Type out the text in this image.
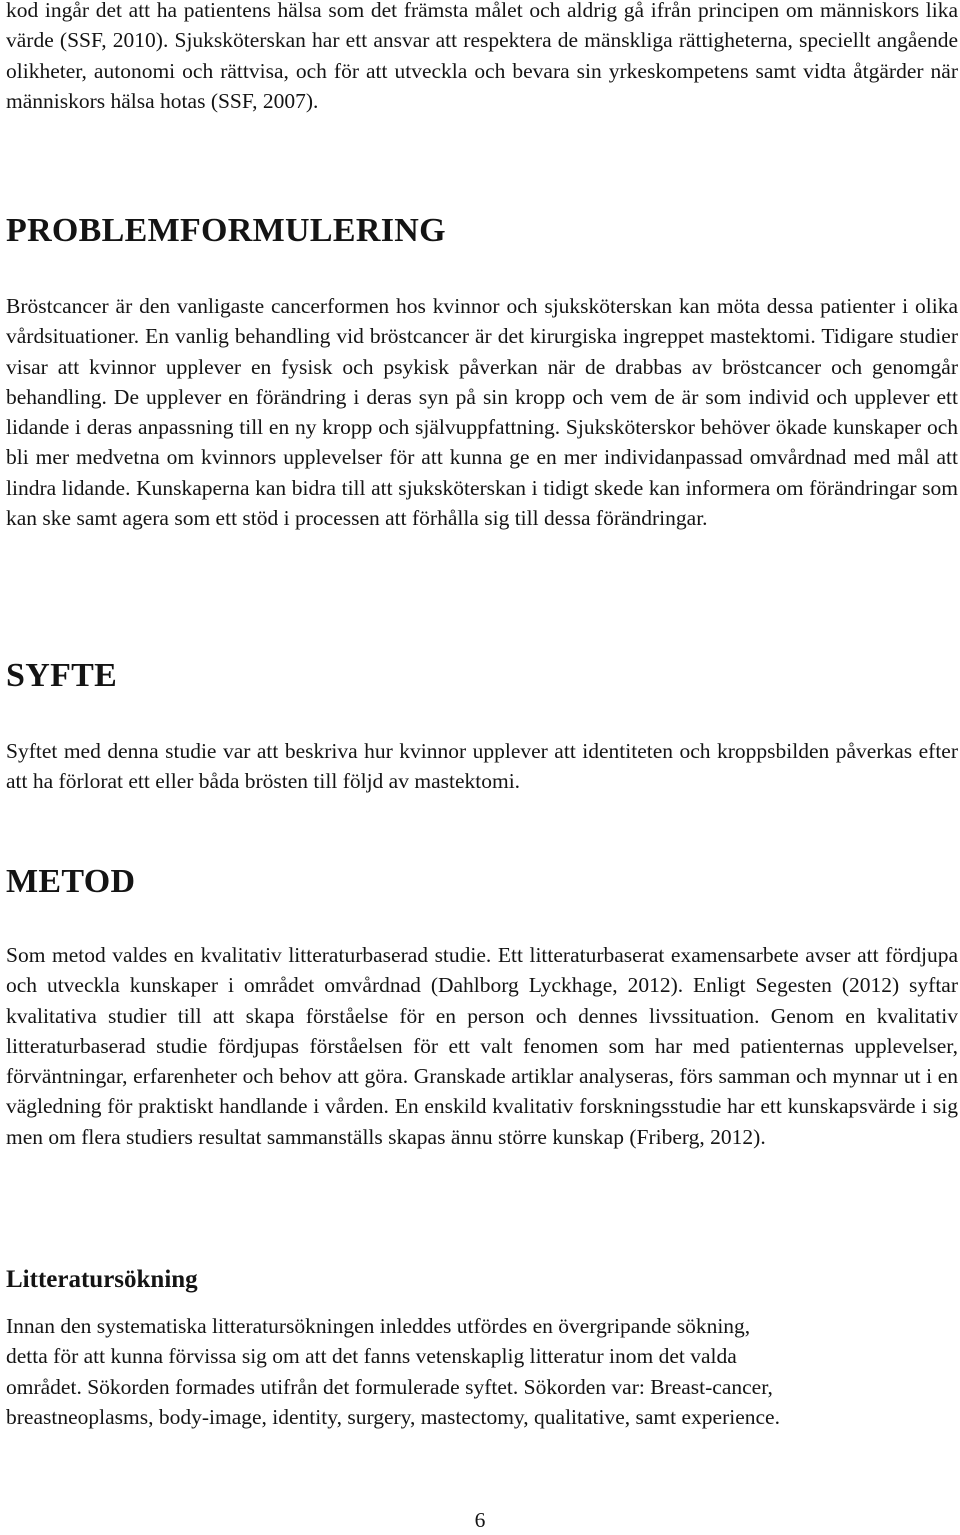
kod ingår det att ha patientens hälsa som det främsta målet och aldrig gå ifrån principen om människors lika värde (SSF, 2010). Sjuksköterskan har ett ansvar att respektera de mänskliga rättigheterna, speciellt angående olikheter, autonomi och rättvisa, och för att utveckla och bevara sin yrkeskompetens samt vidta åtgärder när människors hälsa hotas (SSF, 2007).

PROBLEMFORMULERING

Bröstcancer är den vanligaste cancerformen hos kvinnor och sjuksköterskan kan möta dessa patienter i olika vårdsituationer. En vanlig behandling vid bröstcancer är det kirurgiska ingreppet mastektomi. Tidigare studier visar att kvinnor upplever en fysisk och psykisk påverkan när de drabbas av bröstcancer och genomgår behandling. De upplever en förändring i deras syn på sin kropp och vem de är som individ och upplever ett lidande i deras anpassning till en ny kropp och självuppfattning. Sjuksköterskor behöver ökade kunskaper och bli mer medvetna om kvinnors upplevelser för att kunna ge en mer individanpassad omvårdnad med mål att lindra lidande. Kunskaperna kan bidra till att sjuksköterskan i tidigt skede kan informera om förändringar som kan ske samt agera som ett stöd i processen att förhålla sig till dessa förändringar.

SYFTE

Syftet med denna studie var att beskriva hur kvinnor upplever att identiteten och kroppsbilden påverkas efter att ha förlorat ett eller båda brösten till följd av mastektomi.

METOD

Som metod valdes en kvalitativ litteraturbaserad studie. Ett litteraturbaserat examensarbete avser att fördjupa och utveckla kunskaper i området omvårdnad (Dahlborg Lyckhage, 2012). Enligt Segesten (2012) syftar kvalitativa studier till att skapa förståelse för en person och dennes livssituation. Genom en kvalitativ litteraturbaserad studie fördjupas förståelsen för ett valt fenomen som har med patienternas upplevelser, förväntningar, erfarenheter och behov att göra. Granskade artiklar analyseras, förs samman och mynnar ut i en vägledning för praktiskt handlande i vården. En enskild kvalitativ forskningsstudie har ett kunskapsvärde i sig men om flera studiers resultat sammanställs skapas ännu större kunskap (Friberg, 2012).

Litteratursökning

Innan den systematiska litteratursökningen inleddes utfördes en övergripande sökning,
detta för att kunna förvissa sig om att det fanns vetenskaplig litteratur inom det valda
området. Sökorden formades utifrån det formulerade syftet. Sökorden var: Breast-cancer,
breastneoplasms, body-image, identity, surgery, mastectomy, qualitative, samt experience.

6
